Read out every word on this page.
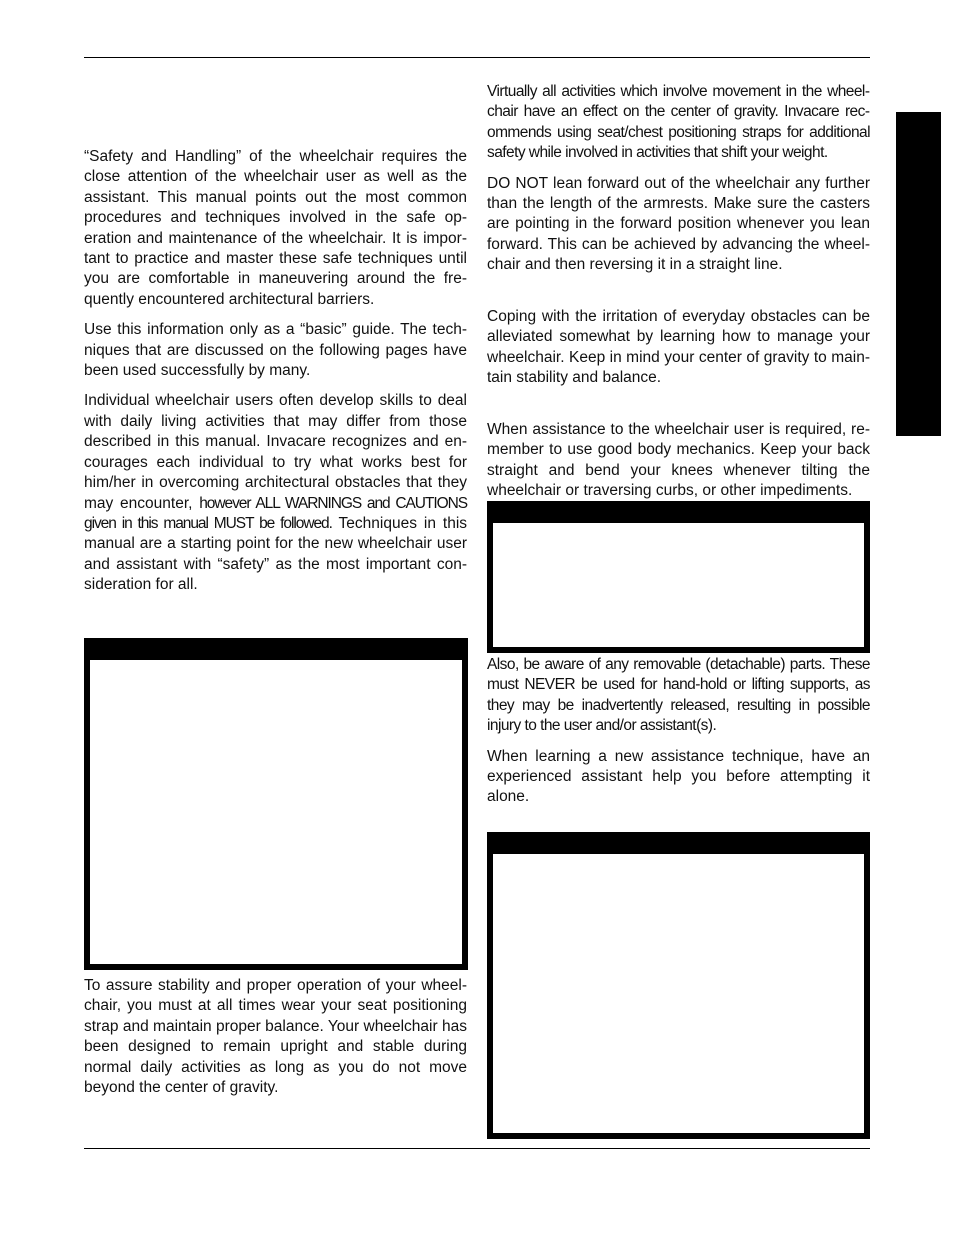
“Safety and Handling” of the wheelchair requires the close attention of the wheelchair user as well as the assistant. This manual points out the most common procedures and techniques involved in the safe operation and maintenance of the wheelchair. It is important to practice and master these safe techniques until you are comfortable in maneuvering around the frequently encountered architectural barriers.

Use this information only as a “basic” guide. The techniques that are discussed on the following pages have been used successfully by many.

Individual wheelchair users often develop skills to deal with daily living activities that may differ from those described in this manual. Invacare recognizes and encourages each individual to try what works best for him/her in overcoming architectural obstacles that they may encounter, however ALL WARNINGS and CAUTIONS given in this manual MUST be followed. Techniques in this manual are a starting point for the new wheelchair user and assistant with “safety” as the most important consideration for all.

To assure stability and proper operation of your wheelchair, you must at all times wear your seat positioning strap and maintain proper balance. Your wheelchair has been designed to remain upright and stable during normal daily activities as long as you do not move beyond the center of gravity.

Virtually all activities which involve movement in the wheelchair have an effect on the center of gravity. Invacare recommends using seat/chest positioning straps for additional safety while involved in activities that shift your weight.

DO NOT lean forward out of the wheelchair any further than the length of the armrests. Make sure the casters are pointing in the forward position whenever you lean forward. This can be achieved by advancing the wheelchair and then reversing it in a straight line.

Coping with the irritation of everyday obstacles can be alleviated somewhat by learning how to manage your wheelchair. Keep in mind your center of gravity to maintain stability and balance.

When assistance to the wheelchair user is required, remember to use good body mechanics. Keep your back straight and bend your knees whenever tilting the wheelchair or traversing curbs, or other impediments.

Also, be aware of any removable (detachable) parts. These must NEVER be used for hand-hold or lifting supports, as they may be inadvertently released, resulting in possible injury to the user and/or assistant(s).

When learning a new assistance technique, have an experienced assistant help you before attempting it alone.
